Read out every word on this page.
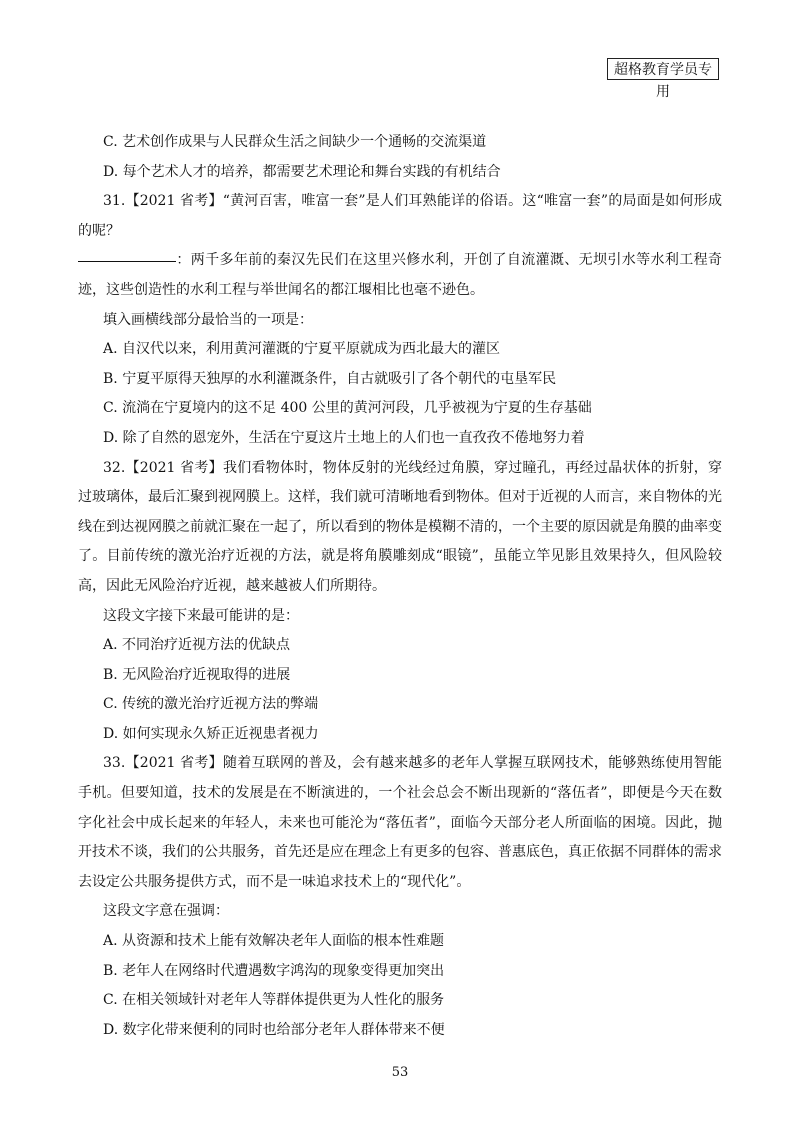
超格教育学员专用

C. 艺术创作成果与人民群众生活之间缺少一个通畅的交流渠道

D. 每个艺术人才的培养，都需要艺术理论和舞台实践的有机结合

31.【2021 省考】“黄河百害，唯富一套”是人们耳熟能详的俗语。这“唯富一套”的局面是如何形成的呢？

：两千多年前的秦汉先民们在这里兴修水利，开创了自流灌溉、无坝引水等水利工程奇迹，这些创造性的水利工程与举世闻名的都江堰相比也毫不逊色。

填入画横线部分最恰当的一项是：

A. 自汉代以来，利用黄河灌溉的宁夏平原就成为西北最大的灌区

B. 宁夏平原得天独厚的水利灌溉条件，自古就吸引了各个朝代的屯垦军民

C. 流淌在宁夏境内的这不足 400 公里的黄河河段，几乎被视为宁夏的生存基础

D. 除了自然的恩宠外，生活在宁夏这片土地上的人们也一直孜孜不倦地努力着

32.【2021 省考】我们看物体时，物体反射的光线经过角膜，穿过瞳孔，再经过晶状体的折射，穿过玻璃体，最后汇聚到视网膜上。这样，我们就可清晰地看到物体。但对于近视的人而言，来自物体的光线在到达视网膜之前就汇聚在一起了，所以看到的物体是模糊不清的，一个主要的原因就是角膜的曲率变了。目前传统的激光治疗近视的方法，就是将角膜雕刻成“眼镜”，虽能立竿见影且效果持久，但风险较高，因此无风险治疗近视，越来越被人们所期待。

这段文字接下来最可能讲的是：

A. 不同治疗近视方法的优缺点

B. 无风险治疗近视取得的进展

C. 传统的激光治疗近视方法的弊端

D. 如何实现永久矫正近视患者视力

33.【2021 省考】随着互联网的普及，会有越来越多的老年人掌握互联网技术，能够熟练使用智能手机。但要知道，技术的发展是在不断演进的，一个社会总会不断出现新的“落伍者”，即便是今天在数字化社会中成长起来的年轻人，未来也可能沦为“落伍者”，面临今天部分老人所面临的困境。因此，抛开技术不谈，我们的公共服务，首先还是应在理念上有更多的包容、普惠底色，真正依据不同群体的需求去设定公共服务提供方式，而不是一味追求技术上的“现代化”。

这段文字意在强调：

A. 从资源和技术上能有效解决老年人面临的根本性难题

B. 老年人在网络时代遭遇数字鸿沟的现象变得更加突出

C. 在相关领域针对老年人等群体提供更为人性化的服务

D. 数字化带来便利的同时也给部分老年人群体带来不便

53
